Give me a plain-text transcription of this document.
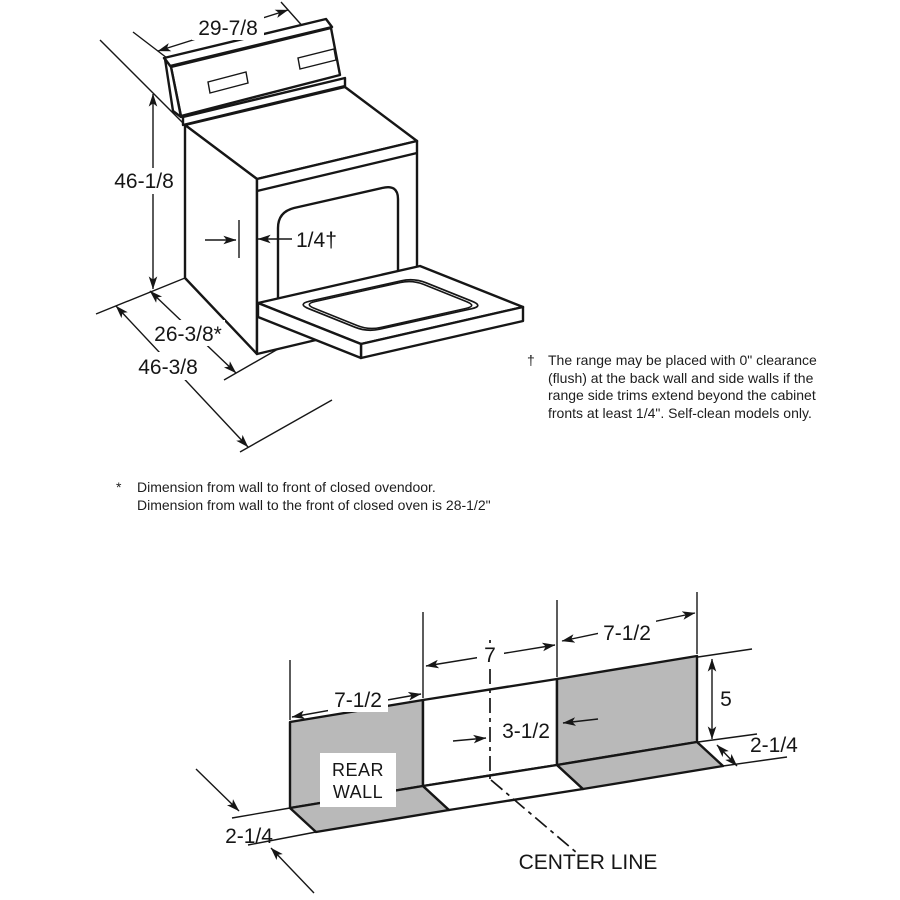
29-7/8
46-1/8
1/4†
26-3/8*
46-3/8
REAR
WALL
7-1/2
7
7-1/2
3-1/2
5
2-1/4
2-1/4
CENTER LINE
† The range may be placed with 0" clearance
(flush) at the back wall and side walls if the
range side trims extend beyond the cabinet
fronts at least 1/4". Self-clean models only.
* Dimension from wall to front of closed ovendoor.
Dimension from wall to the front of closed oven is 28-1/2"
